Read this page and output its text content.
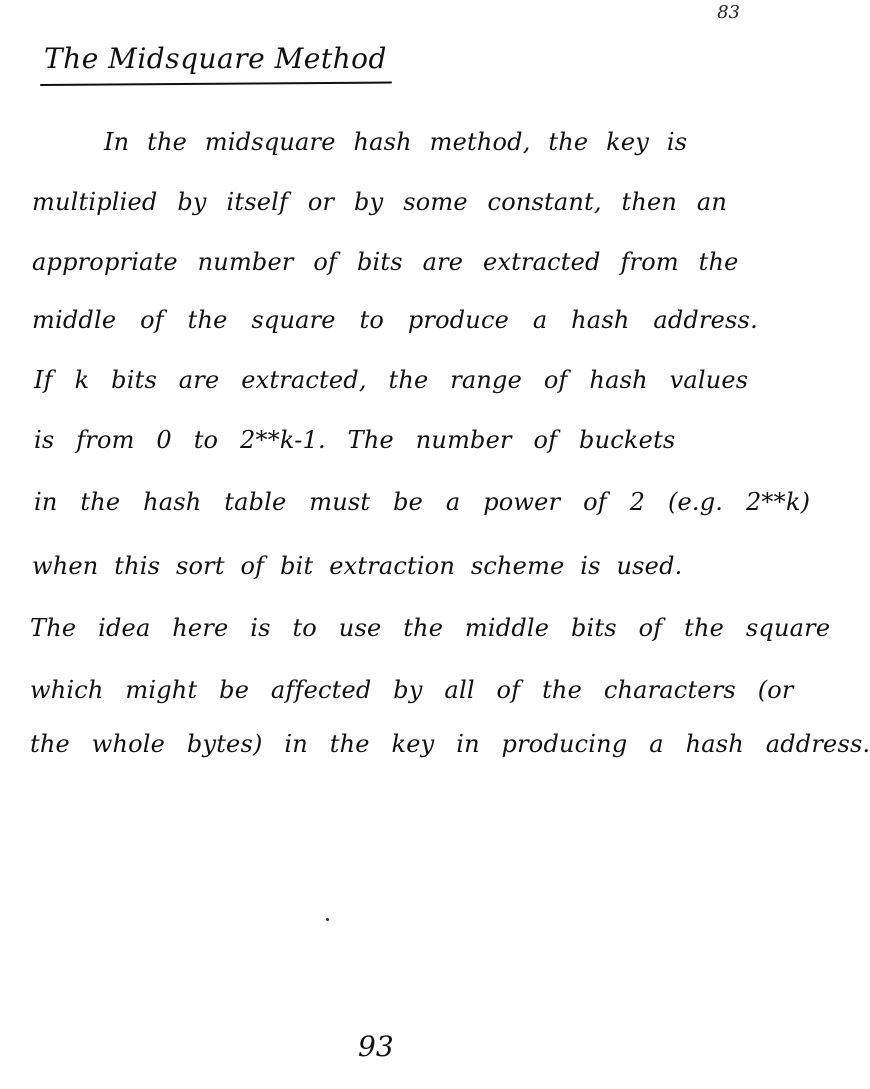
83
The Midsquare Method
In the midsquare hash method, the key is
multiplied by itself or by some constant, then an
appropriate number of bits are extracted from the
middle of the square to produce a hash address.
If k bits are extracted, the range of hash values
is from 0 to 2**k-1. The number of buckets
in the hash table must be a power of 2 (e.g. 2**k)
when this sort of bit extraction scheme is used.
The idea here is to use the middle bits of the square
which might be affected by all of the characters (or
the whole bytes) in the key in producing a hash address.
93
